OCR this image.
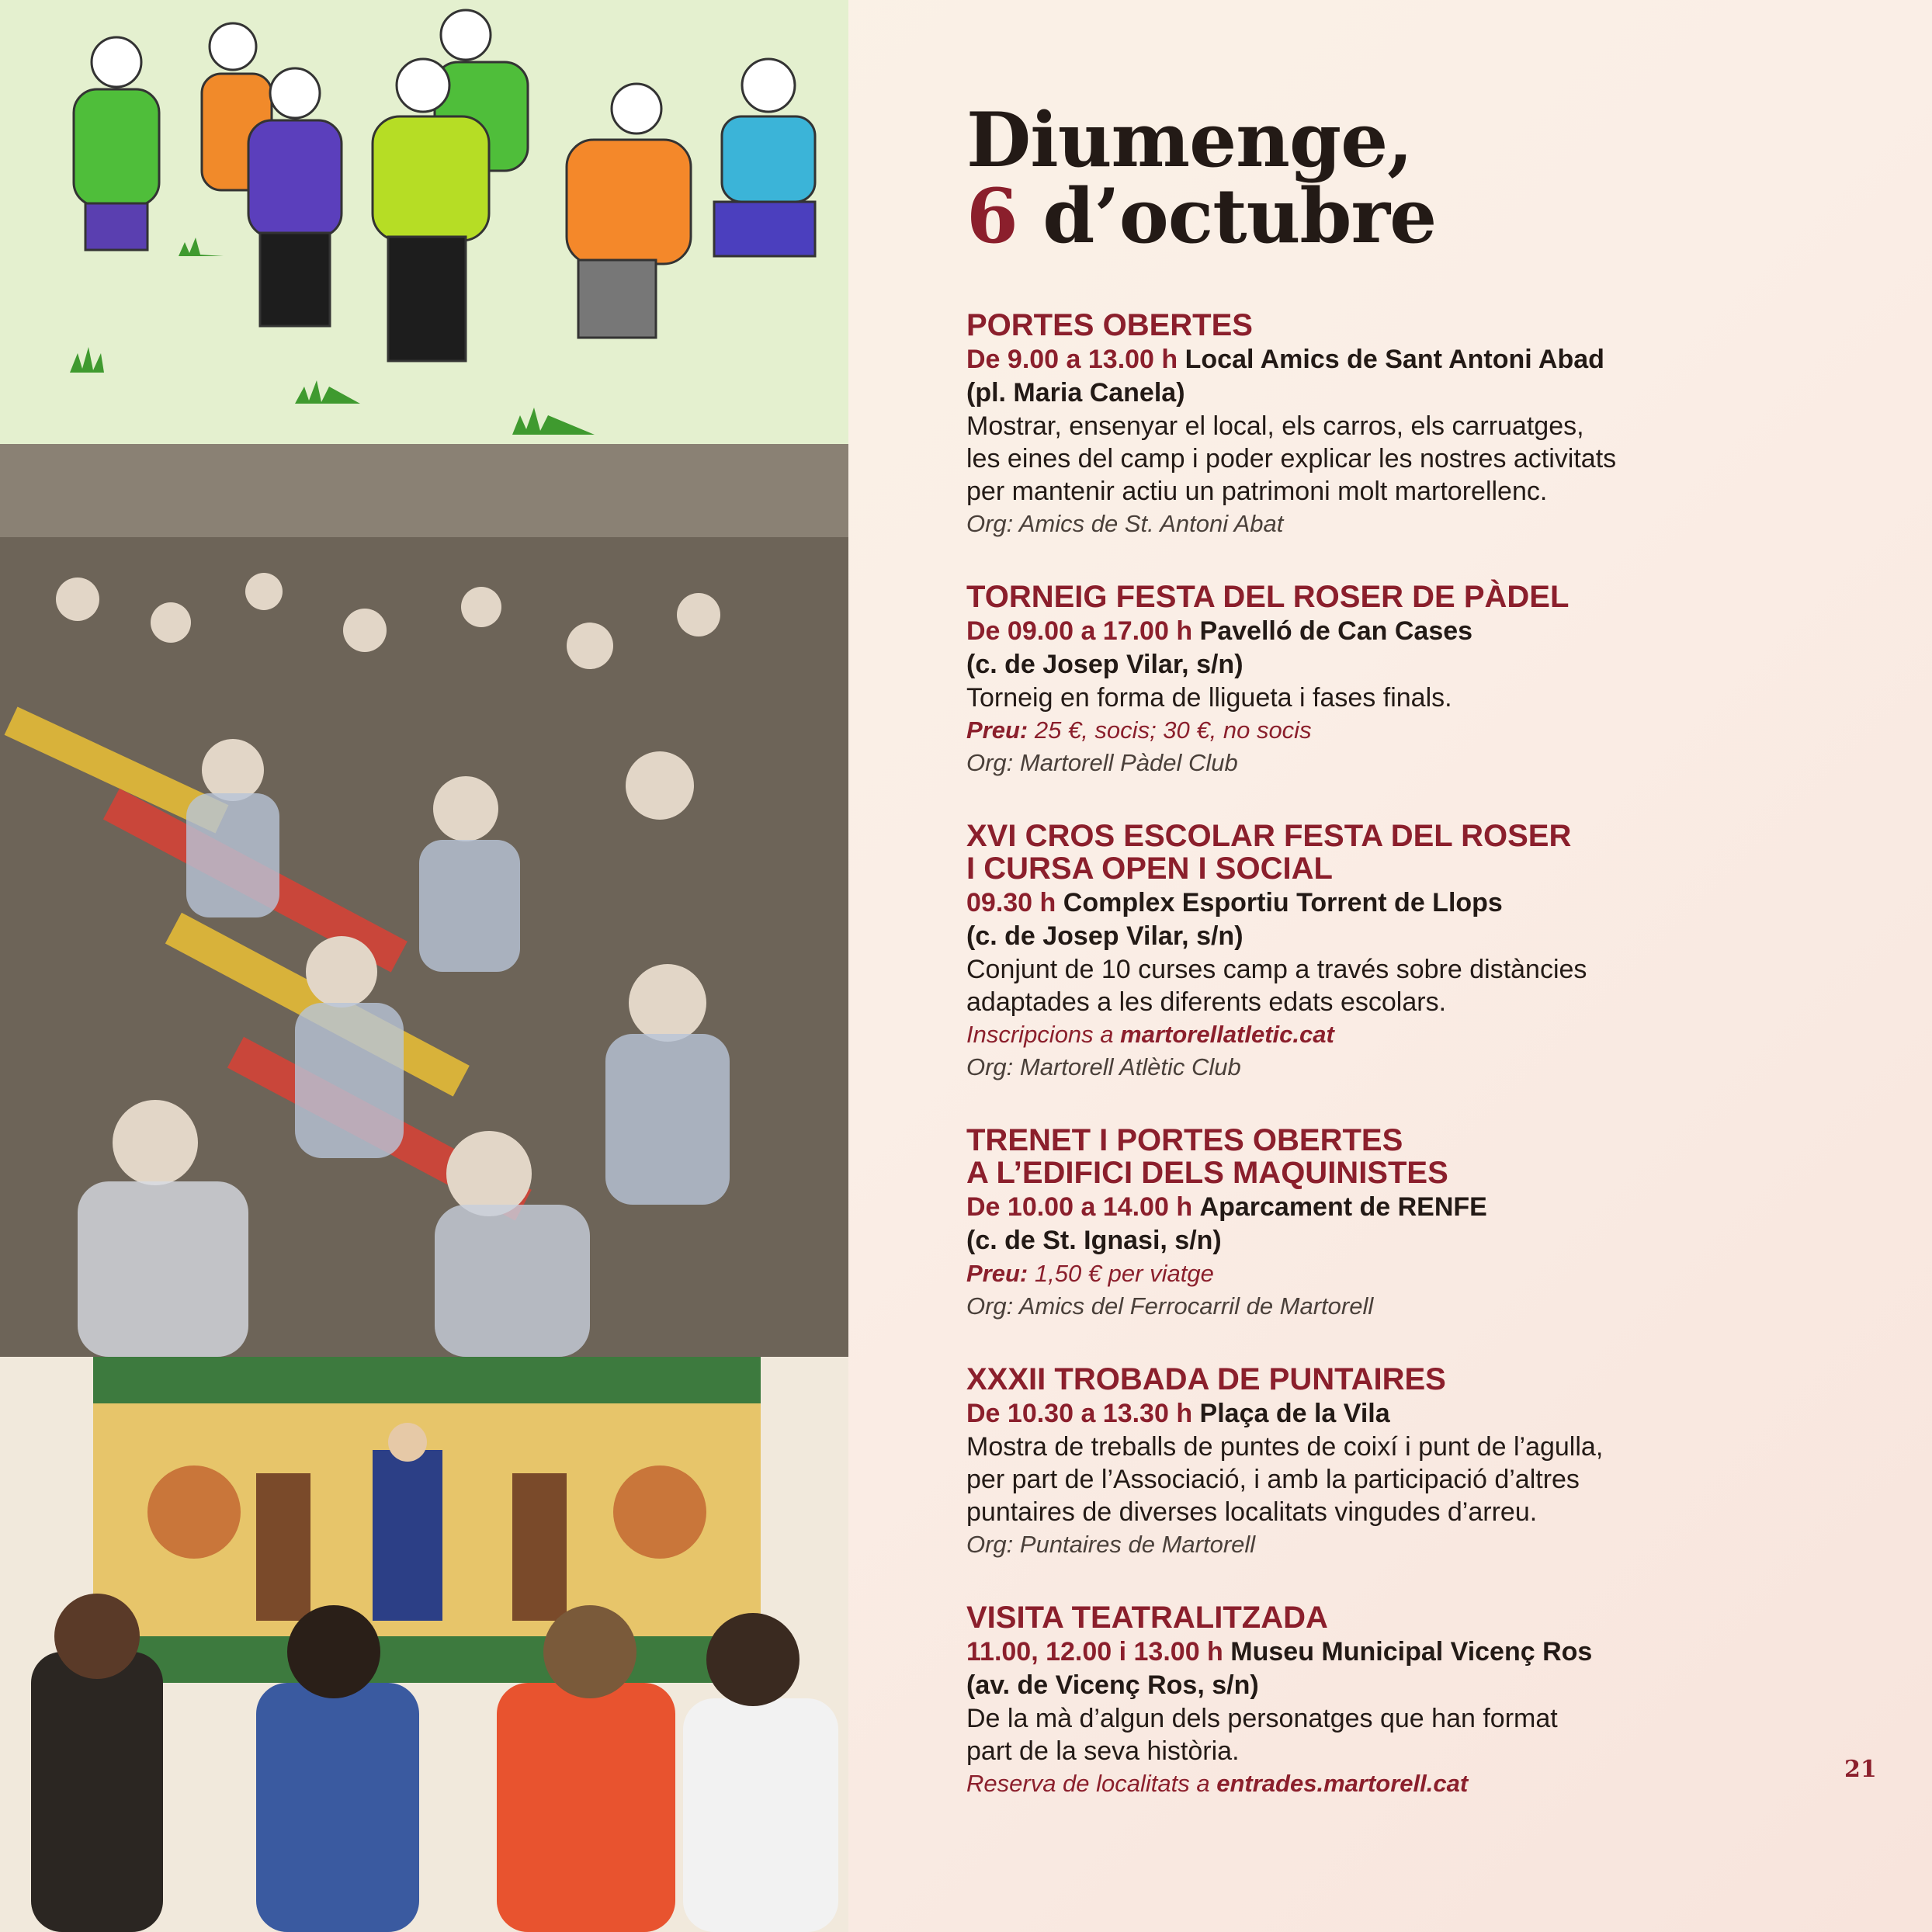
Diumenge,
6 d’octubre
PORTES OBERTES
De 9.00 a 13.00 h Local Amics de Sant Antoni Abad
(pl. Maria Canela)
Mostrar, ensenyar el local, els carros, els carruatges,
les eines del camp i poder explicar les nostres activitats
per mantenir actiu un patrimoni molt martorellenc.
Org: Amics de St. Antoni Abat
TORNEIG FESTA DEL ROSER DE PÀDEL
De 09.00 a 17.00 h Pavelló de Can Cases
(c. de Josep Vilar, s/n)
Torneig en forma de lligueta i fases finals.
Preu: 25 €, socis; 30 €, no socis
Org: Martorell Pàdel Club
XVI CROS ESCOLAR FESTA DEL ROSER
I CURSA OPEN I SOCIAL
09.30 h Complex Esportiu Torrent de Llops
(c. de Josep Vilar, s/n)
Conjunt de 10 curses camp a través sobre distàncies
adaptades a les diferents edats escolars.
Inscripcions a martorellatletic.cat
Org: Martorell Atlètic Club
TRENET I PORTES OBERTES
A L’EDIFICI DELS MAQUINISTES
De 10.00 a 14.00 h Aparcament de RENFE
(c. de St. Ignasi, s/n)
Preu: 1,50 € per viatge
Org: Amics del Ferrocarril de Martorell
XXXII TROBADA DE PUNTAIRES
De 10.30 a 13.30 h Plaça de la Vila
Mostra de treballs de puntes de coixí i punt de l’agulla,
per part de l’Associació, i amb la participació d’altres
puntaires de diverses localitats vingudes d’arreu.
Org: Puntaires de Martorell
VISITA TEATRALITZADA
11.00, 12.00 i 13.00 h Museu Municipal Vicenç Ros
(av. de Vicenç Ros, s/n)
De la mà d’algun dels personatges que han format
part de la seva història.
Reserva de localitats a entrades.martorell.cat
21
